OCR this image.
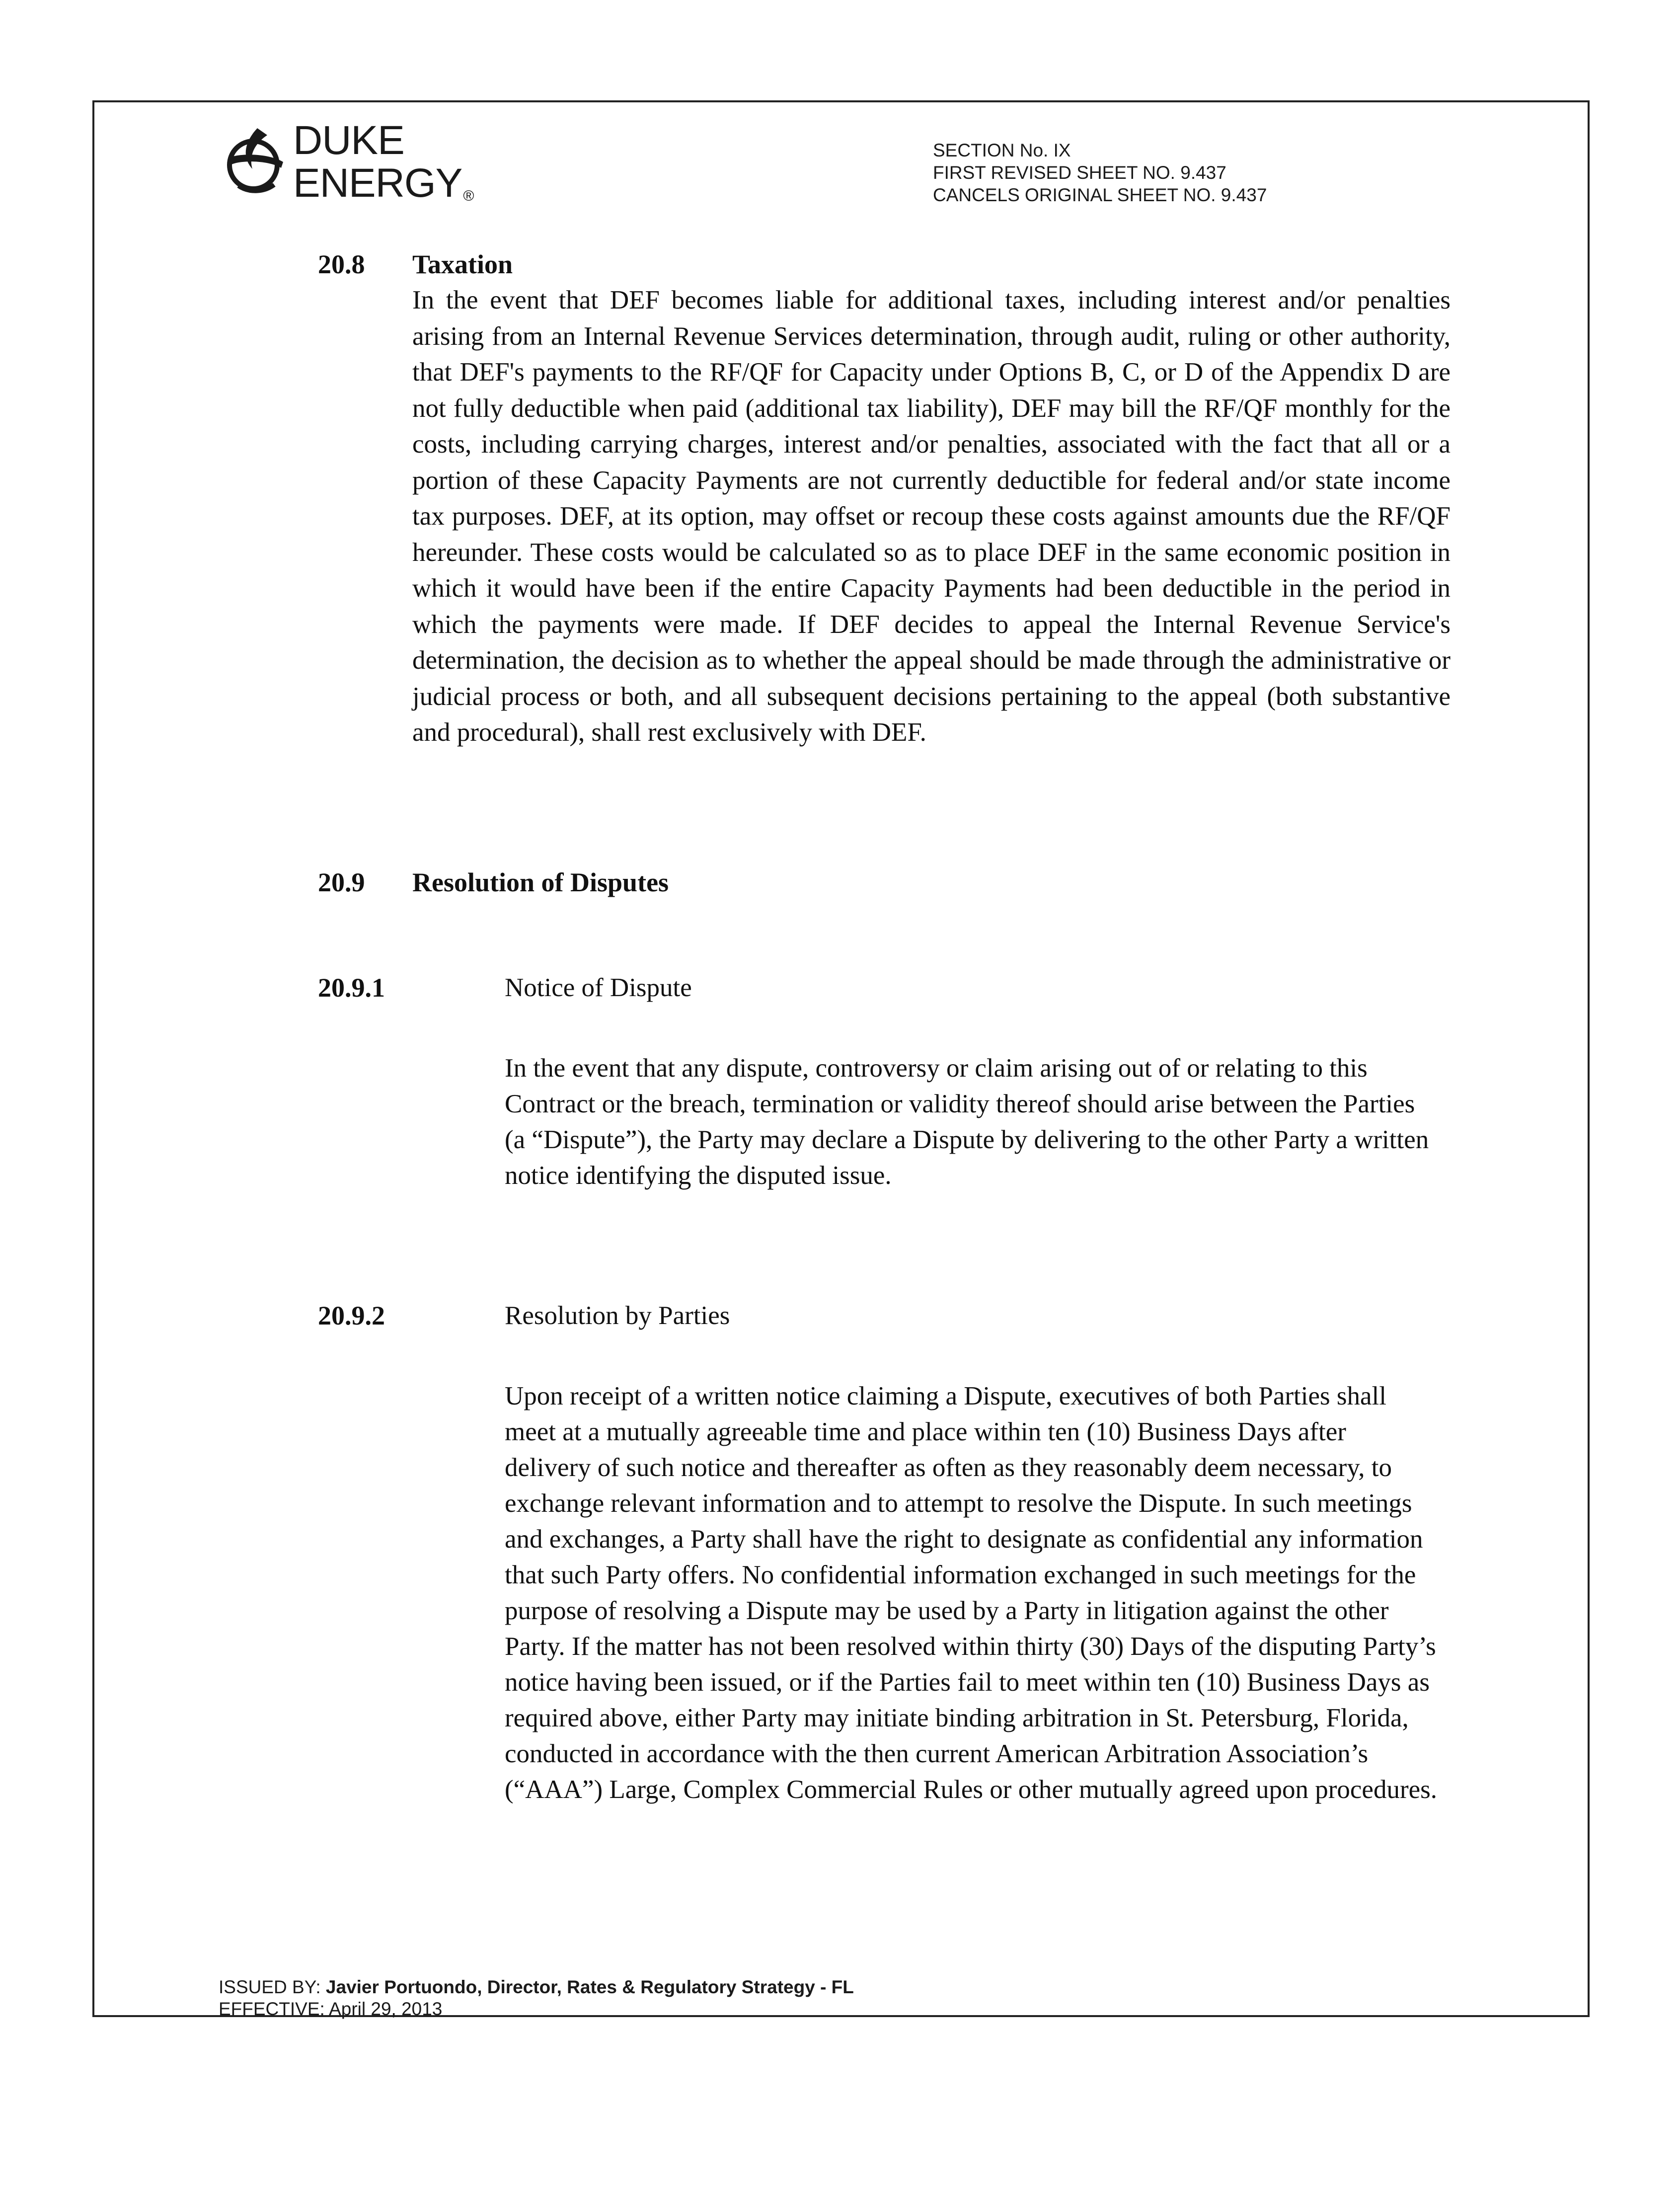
DUKE
ENERGY®
SECTION No. IX
FIRST REVISED SHEET NO. 9.437
CANCELS ORIGINAL SHEET NO. 9.437
20.8 Taxation
In the event that DEF becomes liable for additional taxes, including interest and/or penalties arising from an Internal Revenue Services determination, through audit, ruling or other authority, that DEF's payments to the RF/QF for Capacity under Options B, C, or D of the Appendix D are not fully deductible when paid (additional tax liability), DEF may bill the RF/QF monthly for the costs, including carrying charges, interest and/or penalties, associated with the fact that all or a portion of these Capacity Payments are not currently deductible for federal and/or state income tax purposes. DEF, at its option, may offset or recoup these costs against amounts due the RF/QF hereunder. These costs would be calculated so as to place DEF in the same economic position in which it would have been if the entire Capacity Payments had been deductible in the period in which the payments were made. If DEF decides to appeal the Internal Revenue Service's determination, the decision as to whether the appeal should be made through the administrative or judicial process or both, and all subsequent decisions pertaining to the appeal (both substantive and procedural), shall rest exclusively with DEF.
20.9 Resolution of Disputes
20.9.1	Notice of Dispute
In the event that any dispute, controversy or claim arising out of or relating to this Contract or the breach, termination or validity thereof should arise between the Parties (a “Dispute”), the Party may declare a Dispute by delivering to the other Party a written notice identifying the disputed issue.
20.9.2	Resolution by Parties
Upon receipt of a written notice claiming a Dispute, executives of both Parties shall meet at a mutually agreeable time and place within ten (10) Business Days after delivery of such notice and thereafter as often as they reasonably deem necessary, to exchange relevant information and to attempt to resolve the Dispute. In such meetings and exchanges, a Party shall have the right to designate as confidential any information that such Party offers. No confidential information exchanged in such meetings for the purpose of resolving a Dispute may be used by a Party in litigation against the other Party. If the matter has not been resolved within thirty (30) Days of the disputing Party’s notice having been issued, or if the Parties fail to meet within ten (10) Business Days as required above, either Party may initiate binding arbitration in St. Petersburg, Florida, conducted in accordance with the then current American Arbitration Association’s (“AAA”) Large, Complex Commercial Rules or other mutually agreed upon procedures.
ISSUED BY: Javier Portuondo, Director, Rates & Regulatory Strategy - FL
EFFECTIVE: April 29, 2013
